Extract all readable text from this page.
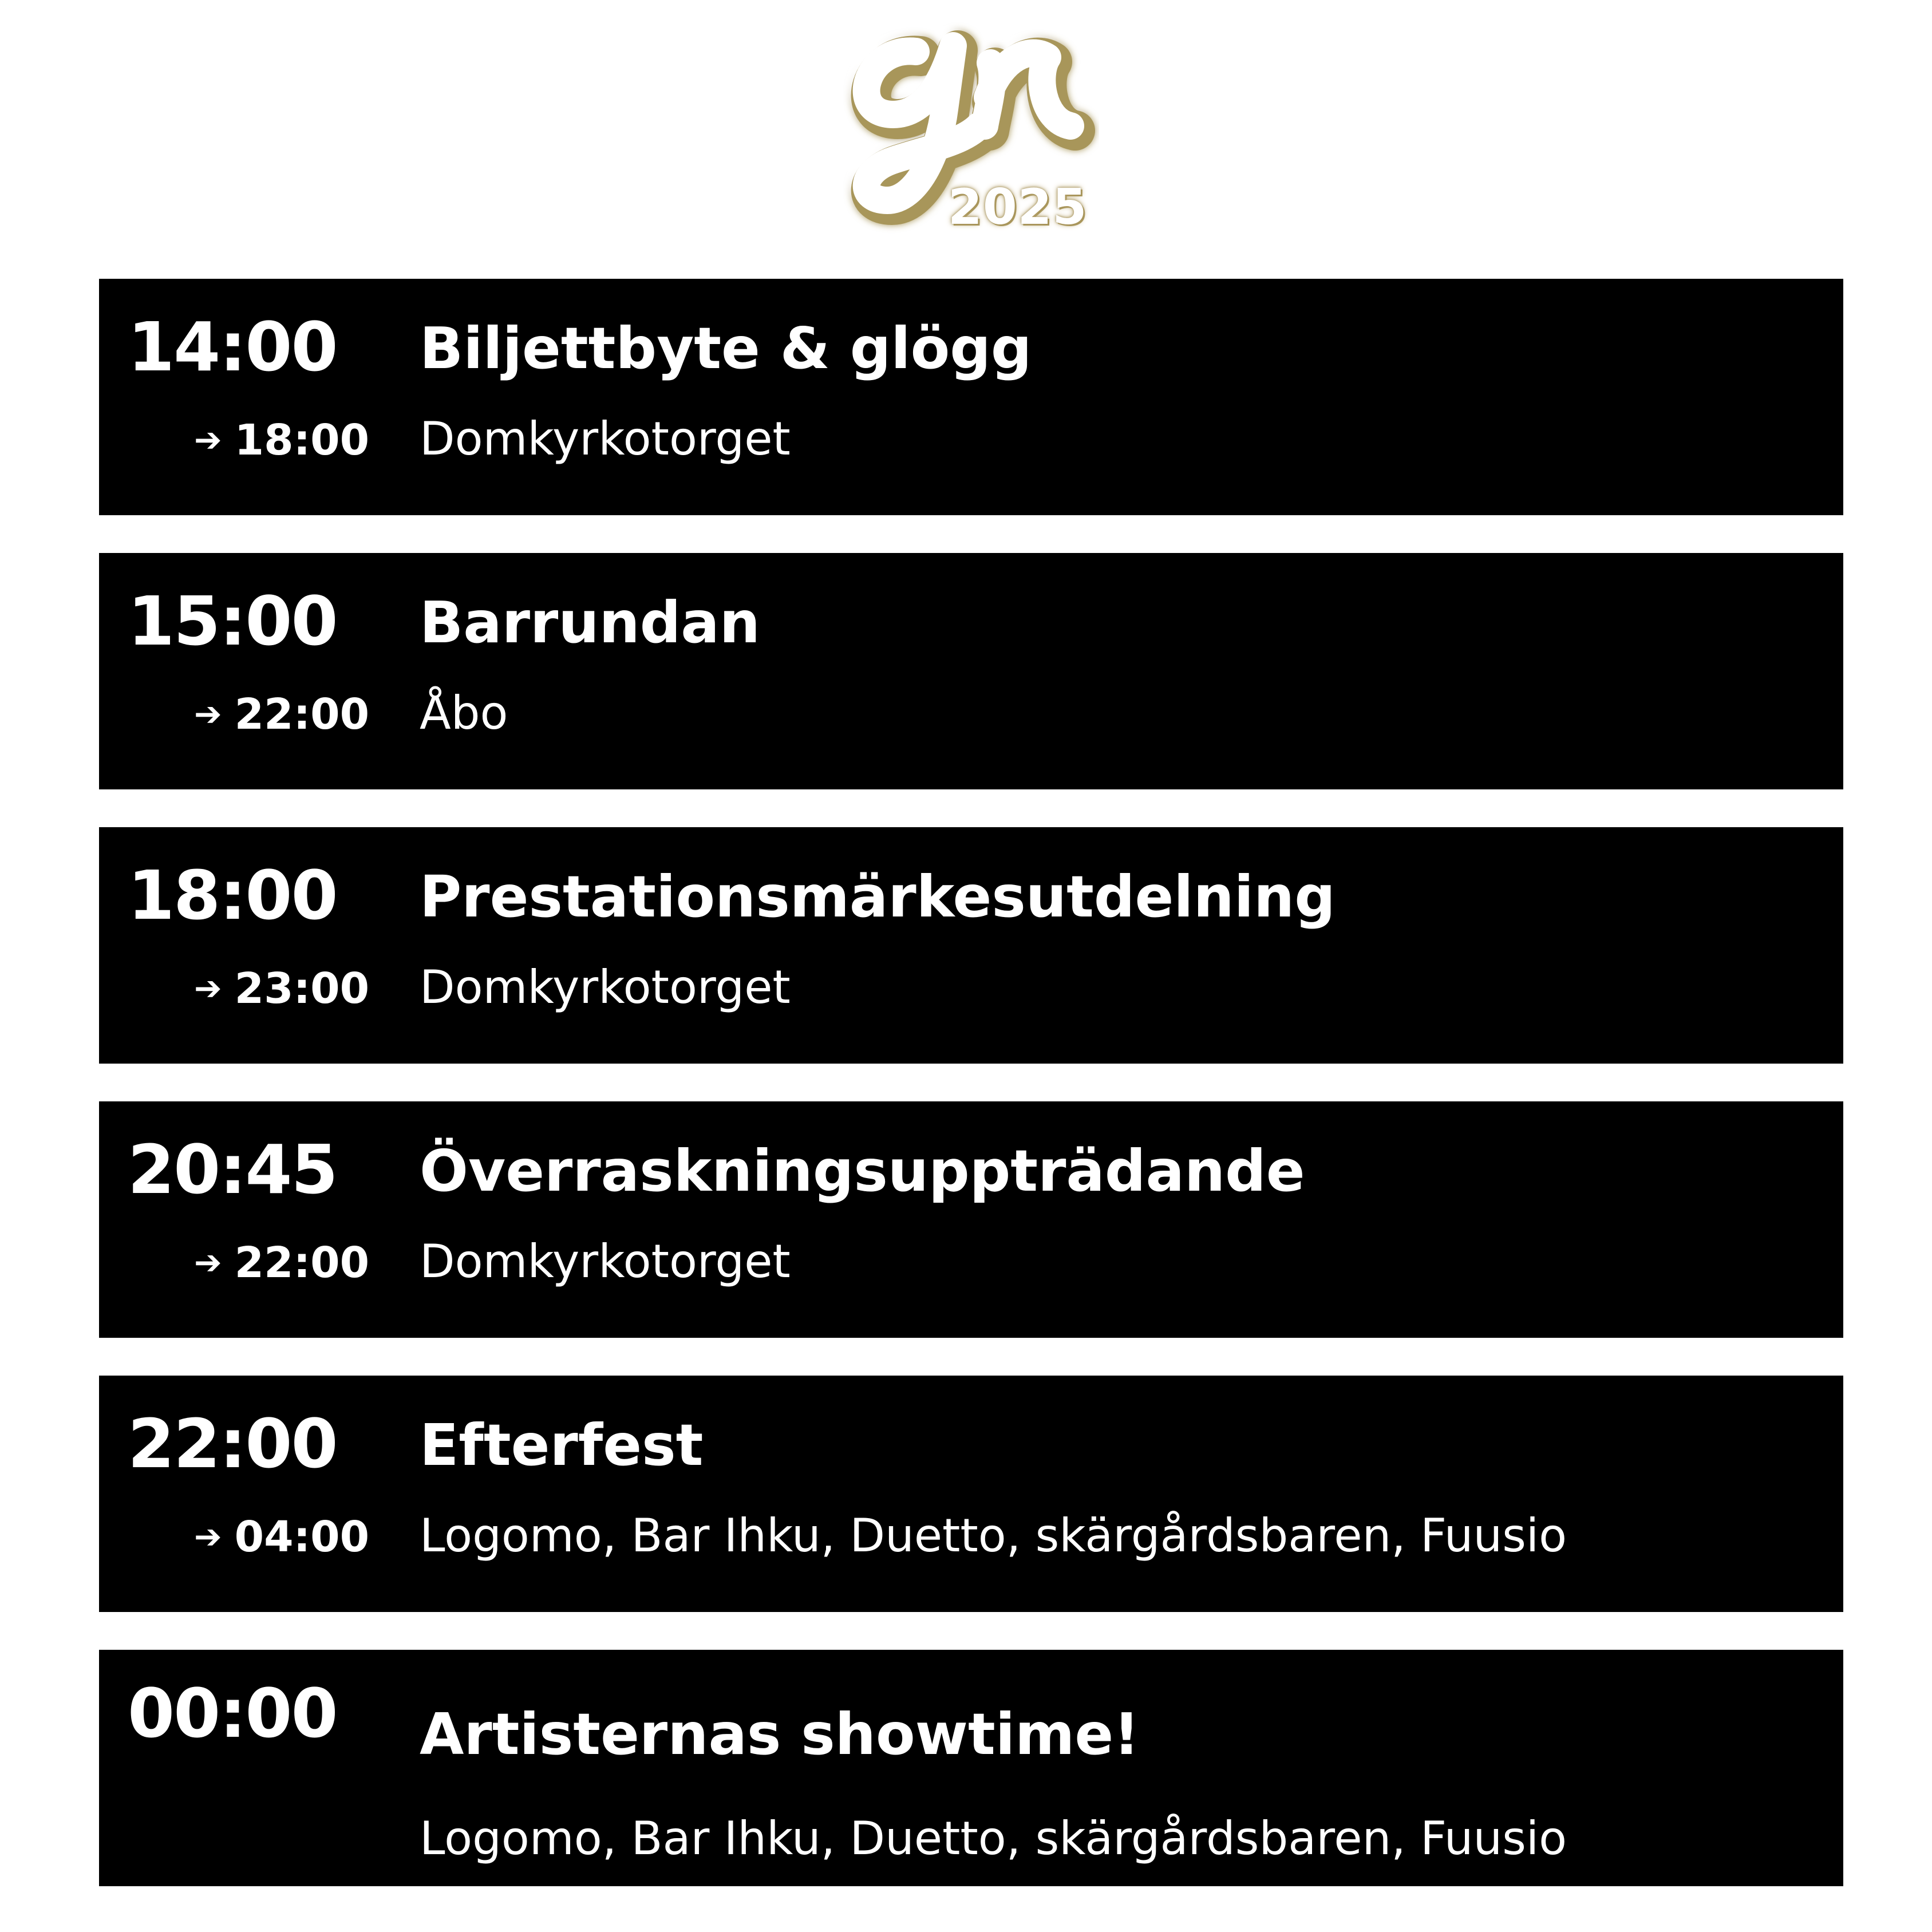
2025
14:00
➔ 18:00
Biljettbyte & glögg
Domkyrkotorget
15:00
➔ 22:00
Barrundan
Åbo
18:00
➔ 23:00
Prestationsmärkesutdelning
Domkyrkotorget
20:45
➔ 22:00
Överraskningsuppträdande
Domkyrkotorget
22:00
➔ 04:00
Efterfest
Logomo, Bar Ihku, Duetto, skärgårdsbaren, Fuusio
00:00 Artisternas showtime!
Logomo, Bar Ihku, Duetto, skärgårdsbaren, Fuusio
